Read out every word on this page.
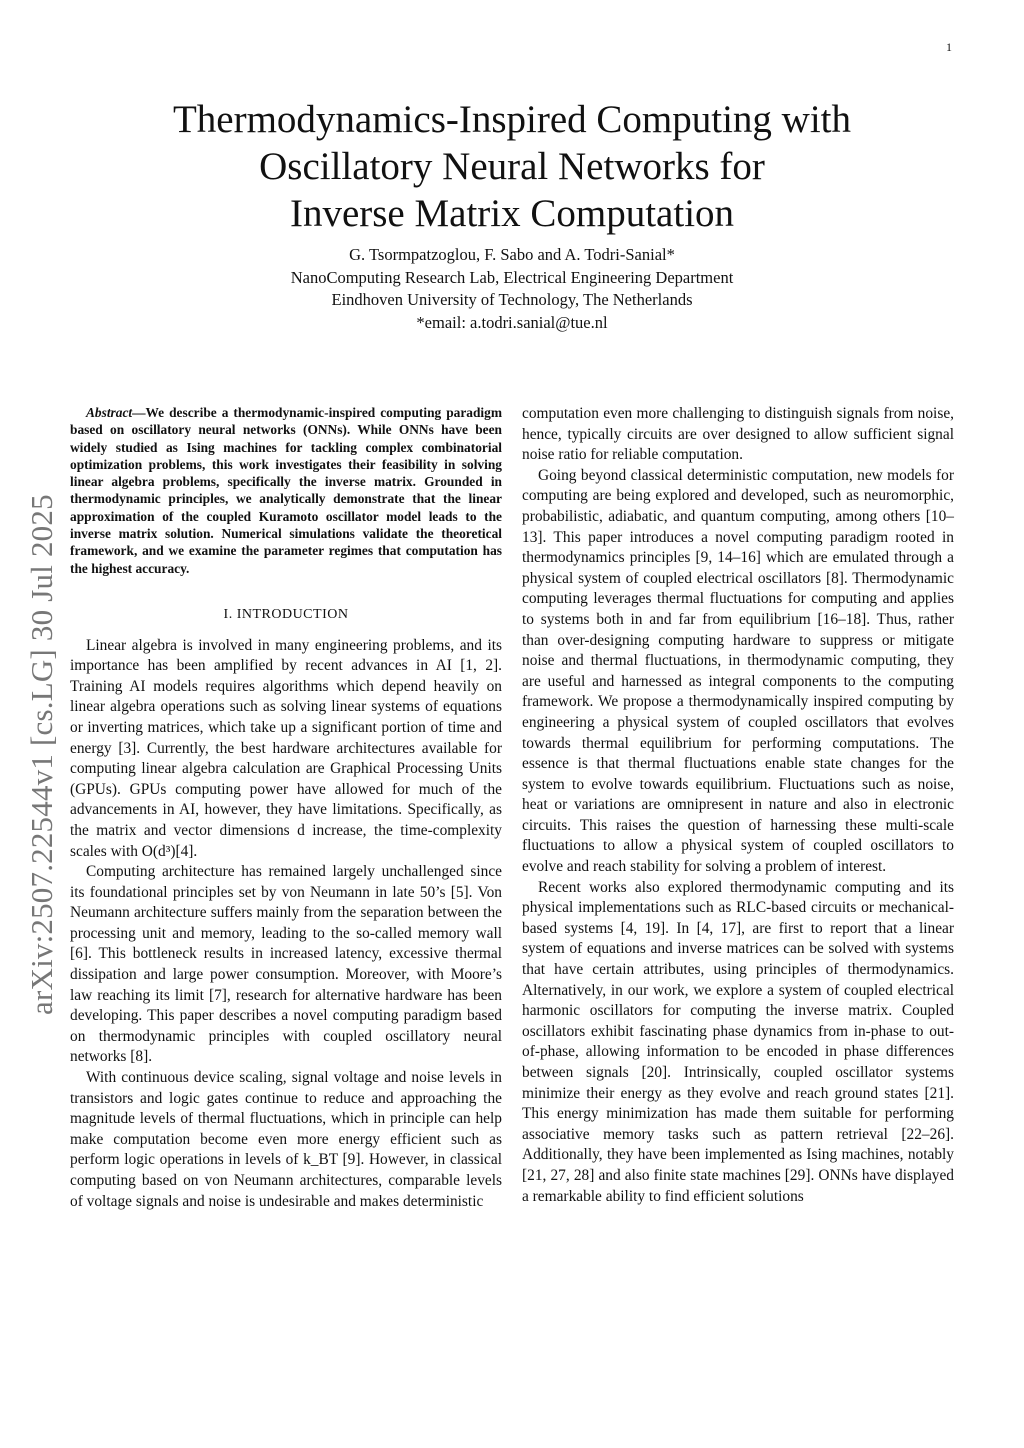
1
arXiv:2507.22544v1 [cs.LG] 30 Jul 2025
Thermodynamics-Inspired Computing with
Oscillatory Neural Networks for
Inverse Matrix Computation
G. Tsormpatzoglou, F. Sabo and A. Todri-Sanial*
NanoComputing Research Lab, Electrical Engineering Department
Eindhoven University of Technology, The Netherlands
*email: a.todri.sanial@tue.nl

Abstract—We describe a thermodynamic-inspired computing paradigm based on oscillatory neural networks (ONNs). While ONNs have been widely studied as Ising machines for tackling complex combinatorial optimization problems, this work investigates their feasibility in solving linear algebra problems, specifically the inverse matrix. Grounded in thermodynamic principles, we analytically demonstrate that the linear approximation of the coupled Kuramoto oscillator model leads to the inverse matrix solution. Numerical simulations validate the theoretical framework, and we examine the parameter regimes that computation has the highest accuracy.

I. INTRODUCTION

Linear algebra is involved in many engineering problems, and its importance has been amplified by recent advances in AI [1, 2]. Training AI models requires algorithms which depend heavily on linear algebra operations such as solving linear systems of equations or inverting matrices, which take up a significant portion of time and energy [3]. Currently, the best hardware architectures available for computing linear algebra calculation are Graphical Processing Units (GPUs). GPUs computing power have allowed for much of the advancements in AI, however, they have limitations. Specifically, as the matrix and vector dimensions d increase, the time-complexity scales with O(d³)[4].

Computing architecture has remained largely unchallenged since its foundational principles set by von Neumann in late 50’s [5]. Von Neumann architecture suffers mainly from the separation between the processing unit and memory, leading to the so-called memory wall [6]. This bottleneck results in increased latency, excessive thermal dissipation and large power consumption. Moreover, with Moore’s law reaching its limit [7], research for alternative hardware has been developing. This paper describes a novel computing paradigm based on thermodynamic principles with coupled oscillatory neural networks [8].

With continuous device scaling, signal voltage and noise levels in transistors and logic gates continue to reduce and approaching the magnitude levels of thermal fluctuations, which in principle can help make computation become even more energy efficient such as perform logic operations in levels of k_BT [9]. However, in classical computing based on von Neumann architectures, comparable levels of voltage signals and noise is undesirable and makes deterministic

computation even more challenging to distinguish signals from noise, hence, typically circuits are over designed to allow sufficient signal noise ratio for reliable computation.

Going beyond classical deterministic computation, new models for computing are being explored and developed, such as neuromorphic, probabilistic, adiabatic, and quantum computing, among others [10–13]. This paper introduces a novel computing paradigm rooted in thermodynamics principles [9, 14–16] which are emulated through a physical system of coupled electrical oscillators [8]. Thermodynamic computing leverages thermal fluctuations for computing and applies to systems both in and far from equilibrium [16–18]. Thus, rather than over-designing computing hardware to suppress or mitigate noise and thermal fluctuations, in thermodynamic computing, they are useful and harnessed as integral components to the computing framework. We propose a thermodynamically inspired computing by engineering a physical system of coupled oscillators that evolves towards thermal equilibrium for performing computations. The essence is that thermal fluctuations enable state changes for the system to evolve towards equilibrium. Fluctuations such as noise, heat or variations are omnipresent in nature and also in electronic circuits. This raises the question of harnessing these multi-scale fluctuations to allow a physical system of coupled oscillators to evolve and reach stability for solving a problem of interest.

Recent works also explored thermodynamic computing and its physical implementations such as RLC-based circuits or mechanical-based systems [4, 19]. In [4, 17], are first to report that a linear system of equations and inverse matrices can be solved with systems that have certain attributes, using principles of thermodynamics. Alternatively, in our work, we explore a system of coupled electrical harmonic oscillators for computing the inverse matrix. Coupled oscillators exhibit fascinating phase dynamics from in-phase to out-of-phase, allowing information to be encoded in phase differences between signals [20]. Intrinsically, coupled oscillator systems minimize their energy as they evolve and reach ground states [21]. This energy minimization has made them suitable for performing associative memory tasks such as pattern retrieval [22–26]. Additionally, they have been implemented as Ising machines, notably [21, 27, 28] and also finite state machines [29]. ONNs have displayed a remarkable ability to find efficient solutions
